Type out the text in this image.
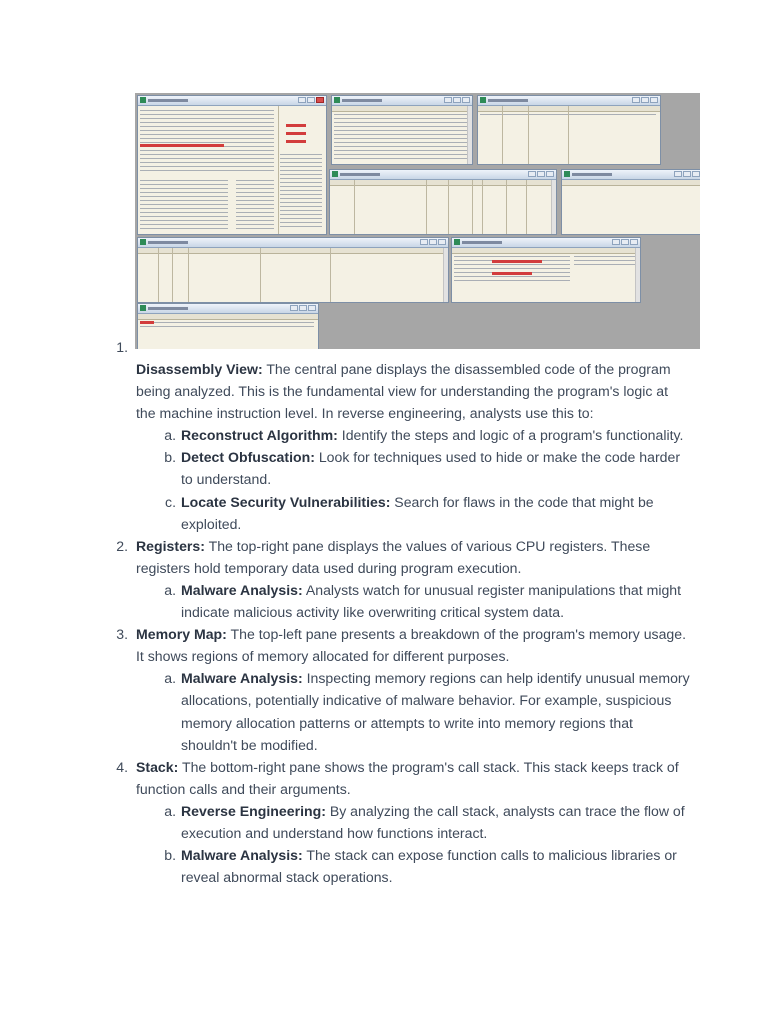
1.
Disassembly View: The central pane displays the disassembled code of the program being analyzed. This is the fundamental view for understanding the program's logic at the machine instruction level. In reverse engineering, analysts use this to:
a. Reconstruct Algorithm: Identify the steps and logic of a program's functionality.
b. Detect Obfuscation: Look for techniques used to hide or make the code harder to understand.
c. Locate Security Vulnerabilities: Search for flaws in the code that might be exploited.
2. Registers: The top-right pane displays the values of various CPU registers. These registers hold temporary data used during program execution.
a. Malware Analysis: Analysts watch for unusual register manipulations that might indicate malicious activity like overwriting critical system data.
3. Memory Map: The top-left pane presents a breakdown of the program's memory usage. It shows regions of memory allocated for different purposes.
a. Malware Analysis: Inspecting memory regions can help identify unusual memory allocations, potentially indicative of malware behavior. For example, suspicious memory allocation patterns or attempts to write into memory regions that shouldn't be modified.
4. Stack: The bottom-right pane shows the program's call stack. This stack keeps track of function calls and their arguments.
a. Reverse Engineering: By analyzing the call stack, analysts can trace the flow of execution and understand how functions interact.
b. Malware Analysis: The stack can expose function calls to malicious libraries or reveal abnormal stack operations.
